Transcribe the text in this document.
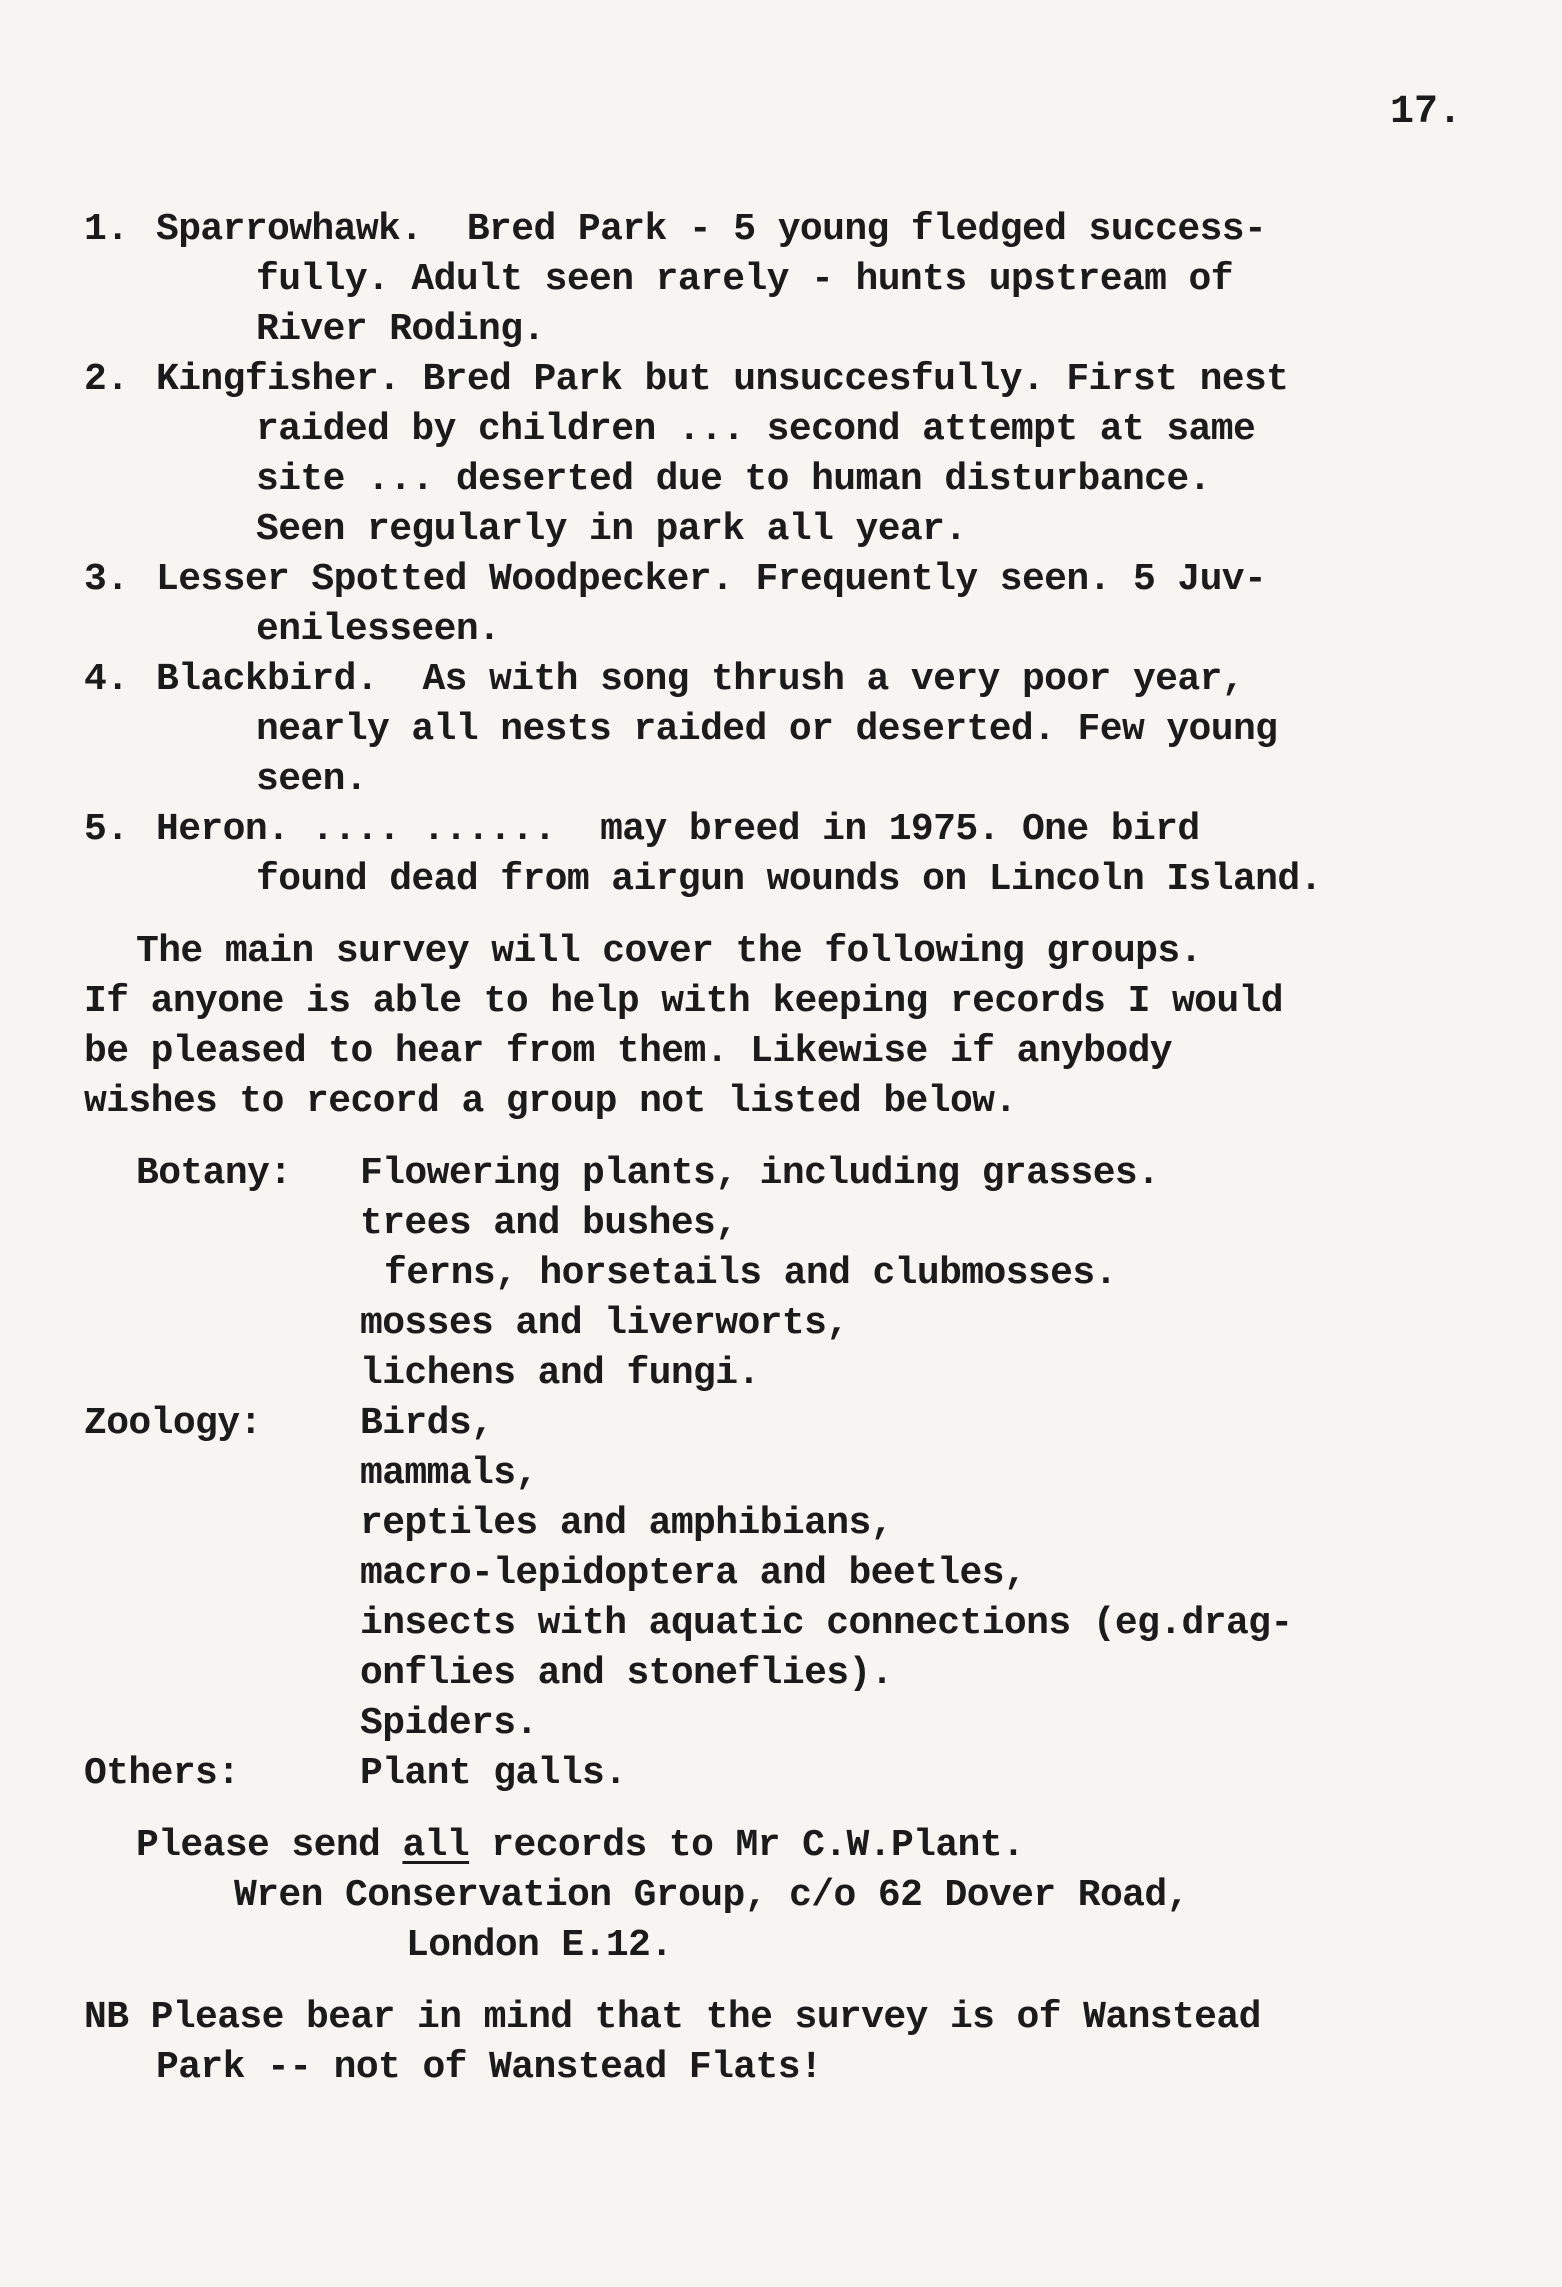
17.
1. Sparrowhawk.  Bred Park - 5 young fledged success-
fully. Adult seen rarely - hunts upstream of
River Roding.
2. Kingfisher. Bred Park but unsuccesfully. First nest
raided by children ... second attempt at same
site ... deserted due to human disturbance.
Seen regularly in park all year.
3. Lesser Spotted Woodpecker. Frequently seen. 5 Juv-
enilesseen.
4. Blackbird.  As with song thrush a very poor year,
nearly all nests raided or deserted. Few young
seen.
5. Heron. .... ......  may breed in 1975. One bird
found dead from airgun wounds on Lincoln Island.
The main survey will cover the following groups.
If anyone is able to help with keeping records I would
be pleased to hear from them. Likewise if anybody
wishes to record a group not listed below.
Botany:	Flowering plants, including grasses.
trees and bushes,
ferns, horsetails and clubmosses.
mosses and liverworts,
lichens and fungi.
Zoology:	Birds,
mammals,
reptiles and amphibians,
macro-lepidoptera and beetles,
insects with aquatic connections (eg.drag-
onflies and stoneflies).
Spiders.
Others:	Plant galls.
Please send all records to Mr C.W.Plant.
Wren Conservation Group, c/o 62 Dover Road,
London E.12.
NB Please bear in mind that the survey is of Wanstead
Park -- not of Wanstead Flats!
